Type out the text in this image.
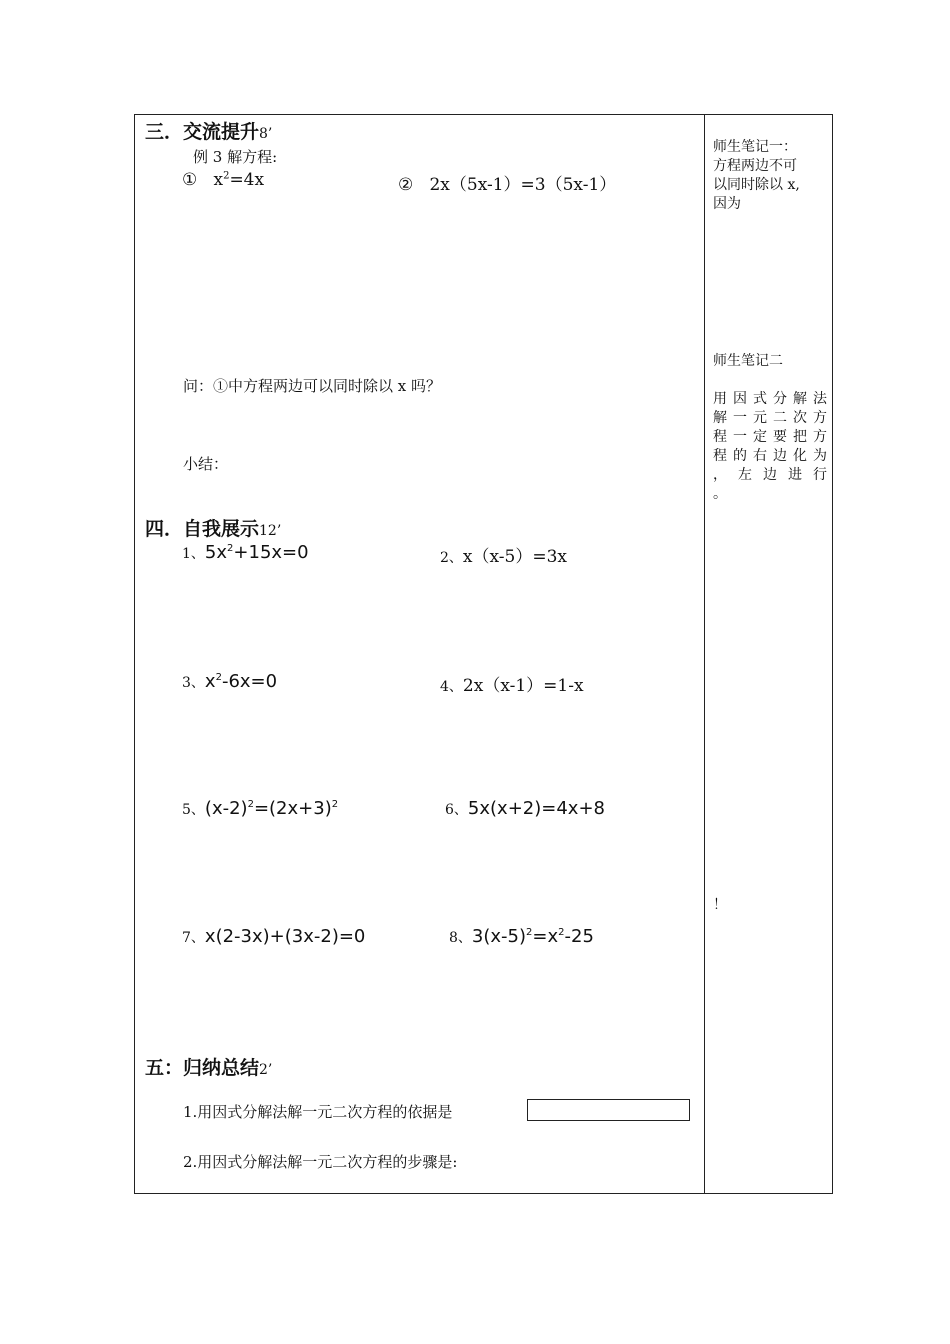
三．交流提升8’
例 3 解方程:
① $x^2=4x$	② 2x（5x-1）=3（5x-1）
问：①中方程两边可以同时除以 x 吗？
小结：
四．自我展示12’
1、$5x^2+15x=0$	2、x（x-5）=3x
3、$x^2-6x=0$	4、2x（x-1）=1-x
5、$(x-2)^2=(2x+3)^2$	6、5x(x+2)=4x+8
7、x(2-3x)+(3x-2)=0	8、$3(x-5)^2=x^2-25$
五：归纳总结2’
1.用因式分解法解一元二次方程的依据是
2.用因式分解法解一元二次方程的步骤是:
师生笔记一：
方程两边不可
以同时除以 x,
因为
师生笔记二
用因式分解法
解一元二次方
程一定要把方
程的右边化为
，左边进行
。
！
